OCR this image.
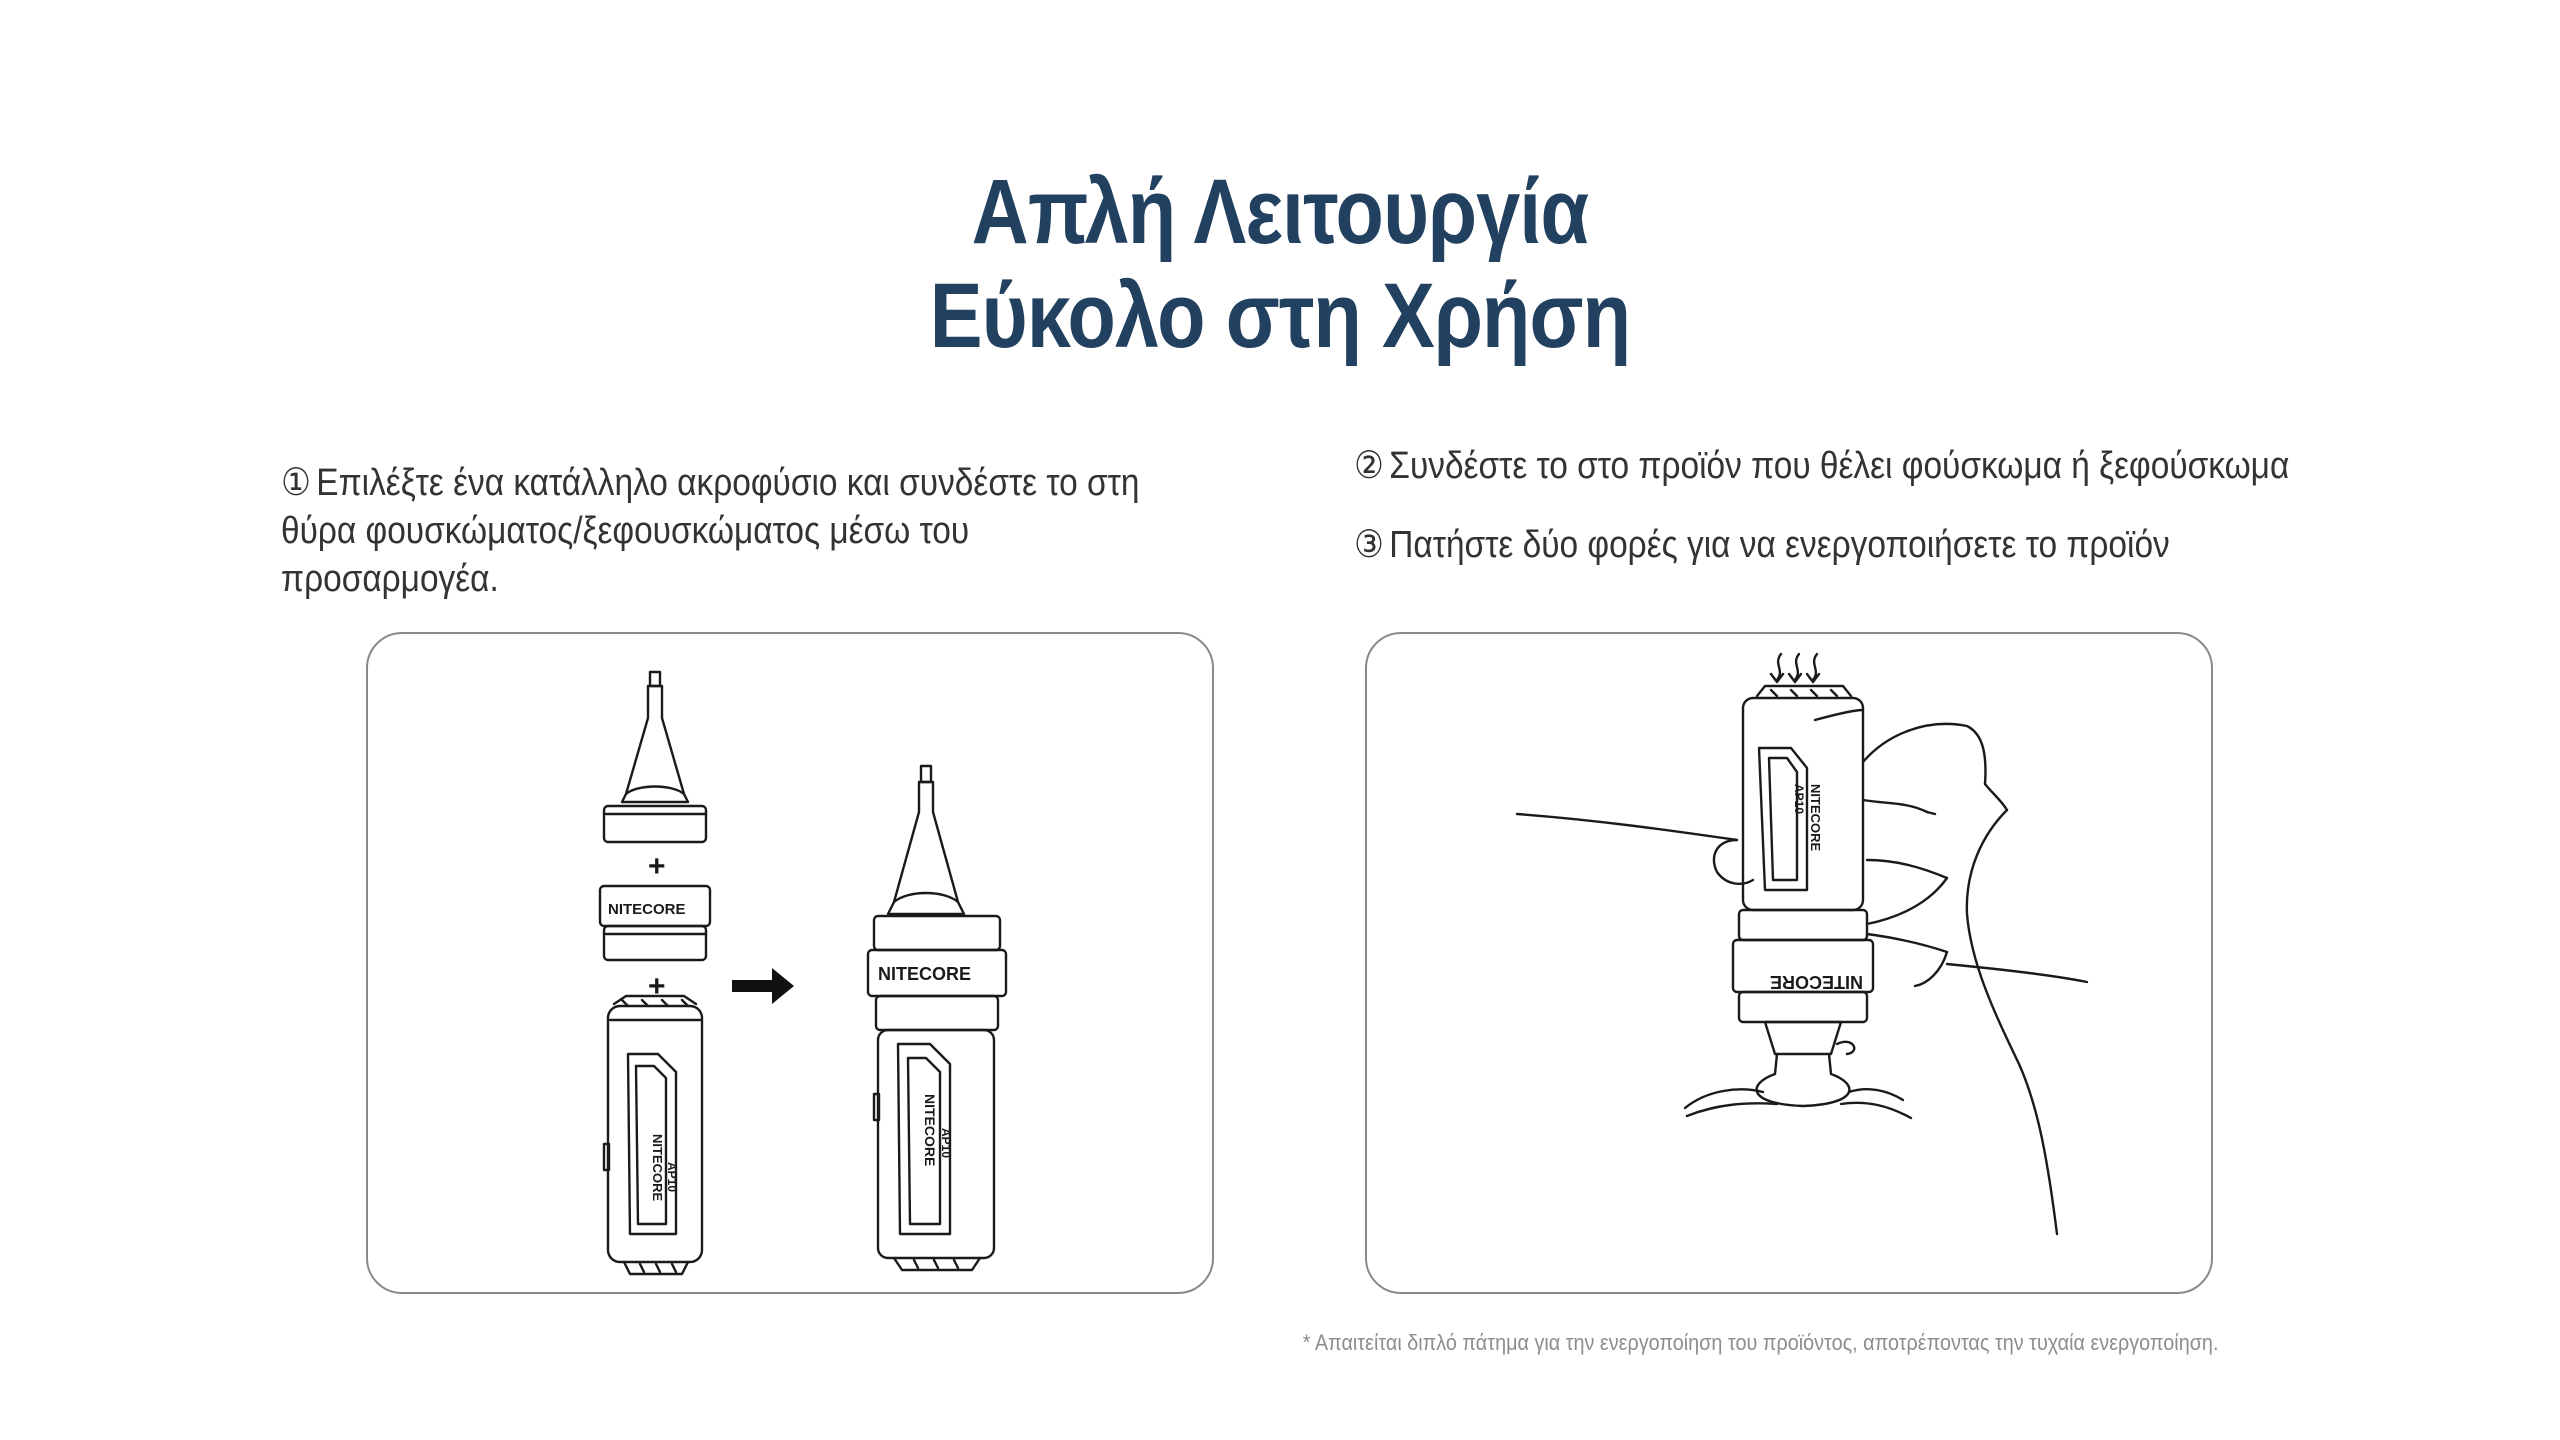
Απλή Λειτουργία
Εύκολο στη Χρήση
① Επιλέξτε ένα κατάλληλο ακροφύσιο και συνδέστε το στη θύρα φουσκώματος/ξεφουσκώματος μέσω του προσαρμογέα.
② Συνδέστε το στο προϊόν που θέλει φούσκωμα ή ξεφούσκωμα
③ Πατήστε δύο φορές για να ενεργοποιήσετε το προϊόν
+
NITECORE
+
NITECORE AP10
NITECORE
NITECORE AP10
NITECORE
AP10
NITECORE
* Απαιτείται διπλό πάτημα για την ενεργοποίηση του προϊόντος, αποτρέποντας την τυχαία ενεργοποίηση.
